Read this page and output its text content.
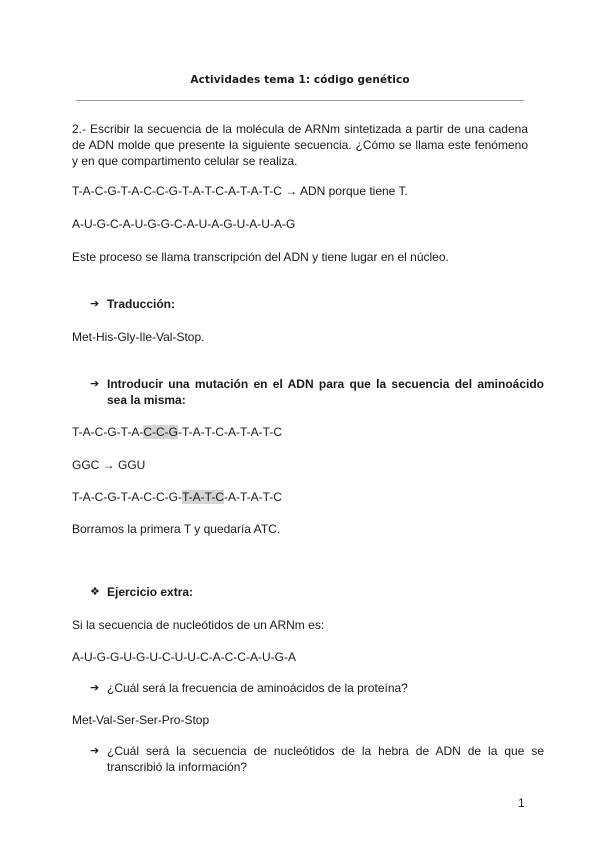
Actividades tema 1: código genético
2.- Escribir la secuencia de la molécula de ARNm sintetizada a partir de una cadena de ADN molde que presente la siguiente secuencia. ¿Cómo se llama este fenómeno y en que compartimento celular se realiza.
T-A-C-G-T-A-C-C-G-T-A-T-C-A-T-A-T-C → ADN porque tiene T.
A-U-G-C-A-U-G-G-C-A-U-A-G-U-A-U-A-G
Este proceso se llama transcripción del ADN y tiene lugar en el núcleo.
➔ Traducción:
Met-His-Gly-Ile-Val-Stop.
➔ Introducir una mutación en el ADN para que la secuencia del aminoácido sea la misma:
T-A-C-G-T-A-C-C-G-T-A-T-C-A-T-A-T-C
GGC → GGU
T-A-C-G-T-A-C-C-G-T-A-T-C-A-T-A-T-C
Borramos la primera T y quedaría ATC.
❖ Ejercicio extra:
Si la secuencia de nucleótidos de un ARNm es:
A-U-G-G-U-G-U-C-U-U-C-A-C-C-A-U-G-A
➔ ¿Cuál será la frecuencia de aminoácidos de la proteína?
Met-Val-Ser-Ser-Pro-Stop
➔ ¿Cuál será la secuencia de nucleótidos de la hebra de ADN de la que se transcribió la información?
1
